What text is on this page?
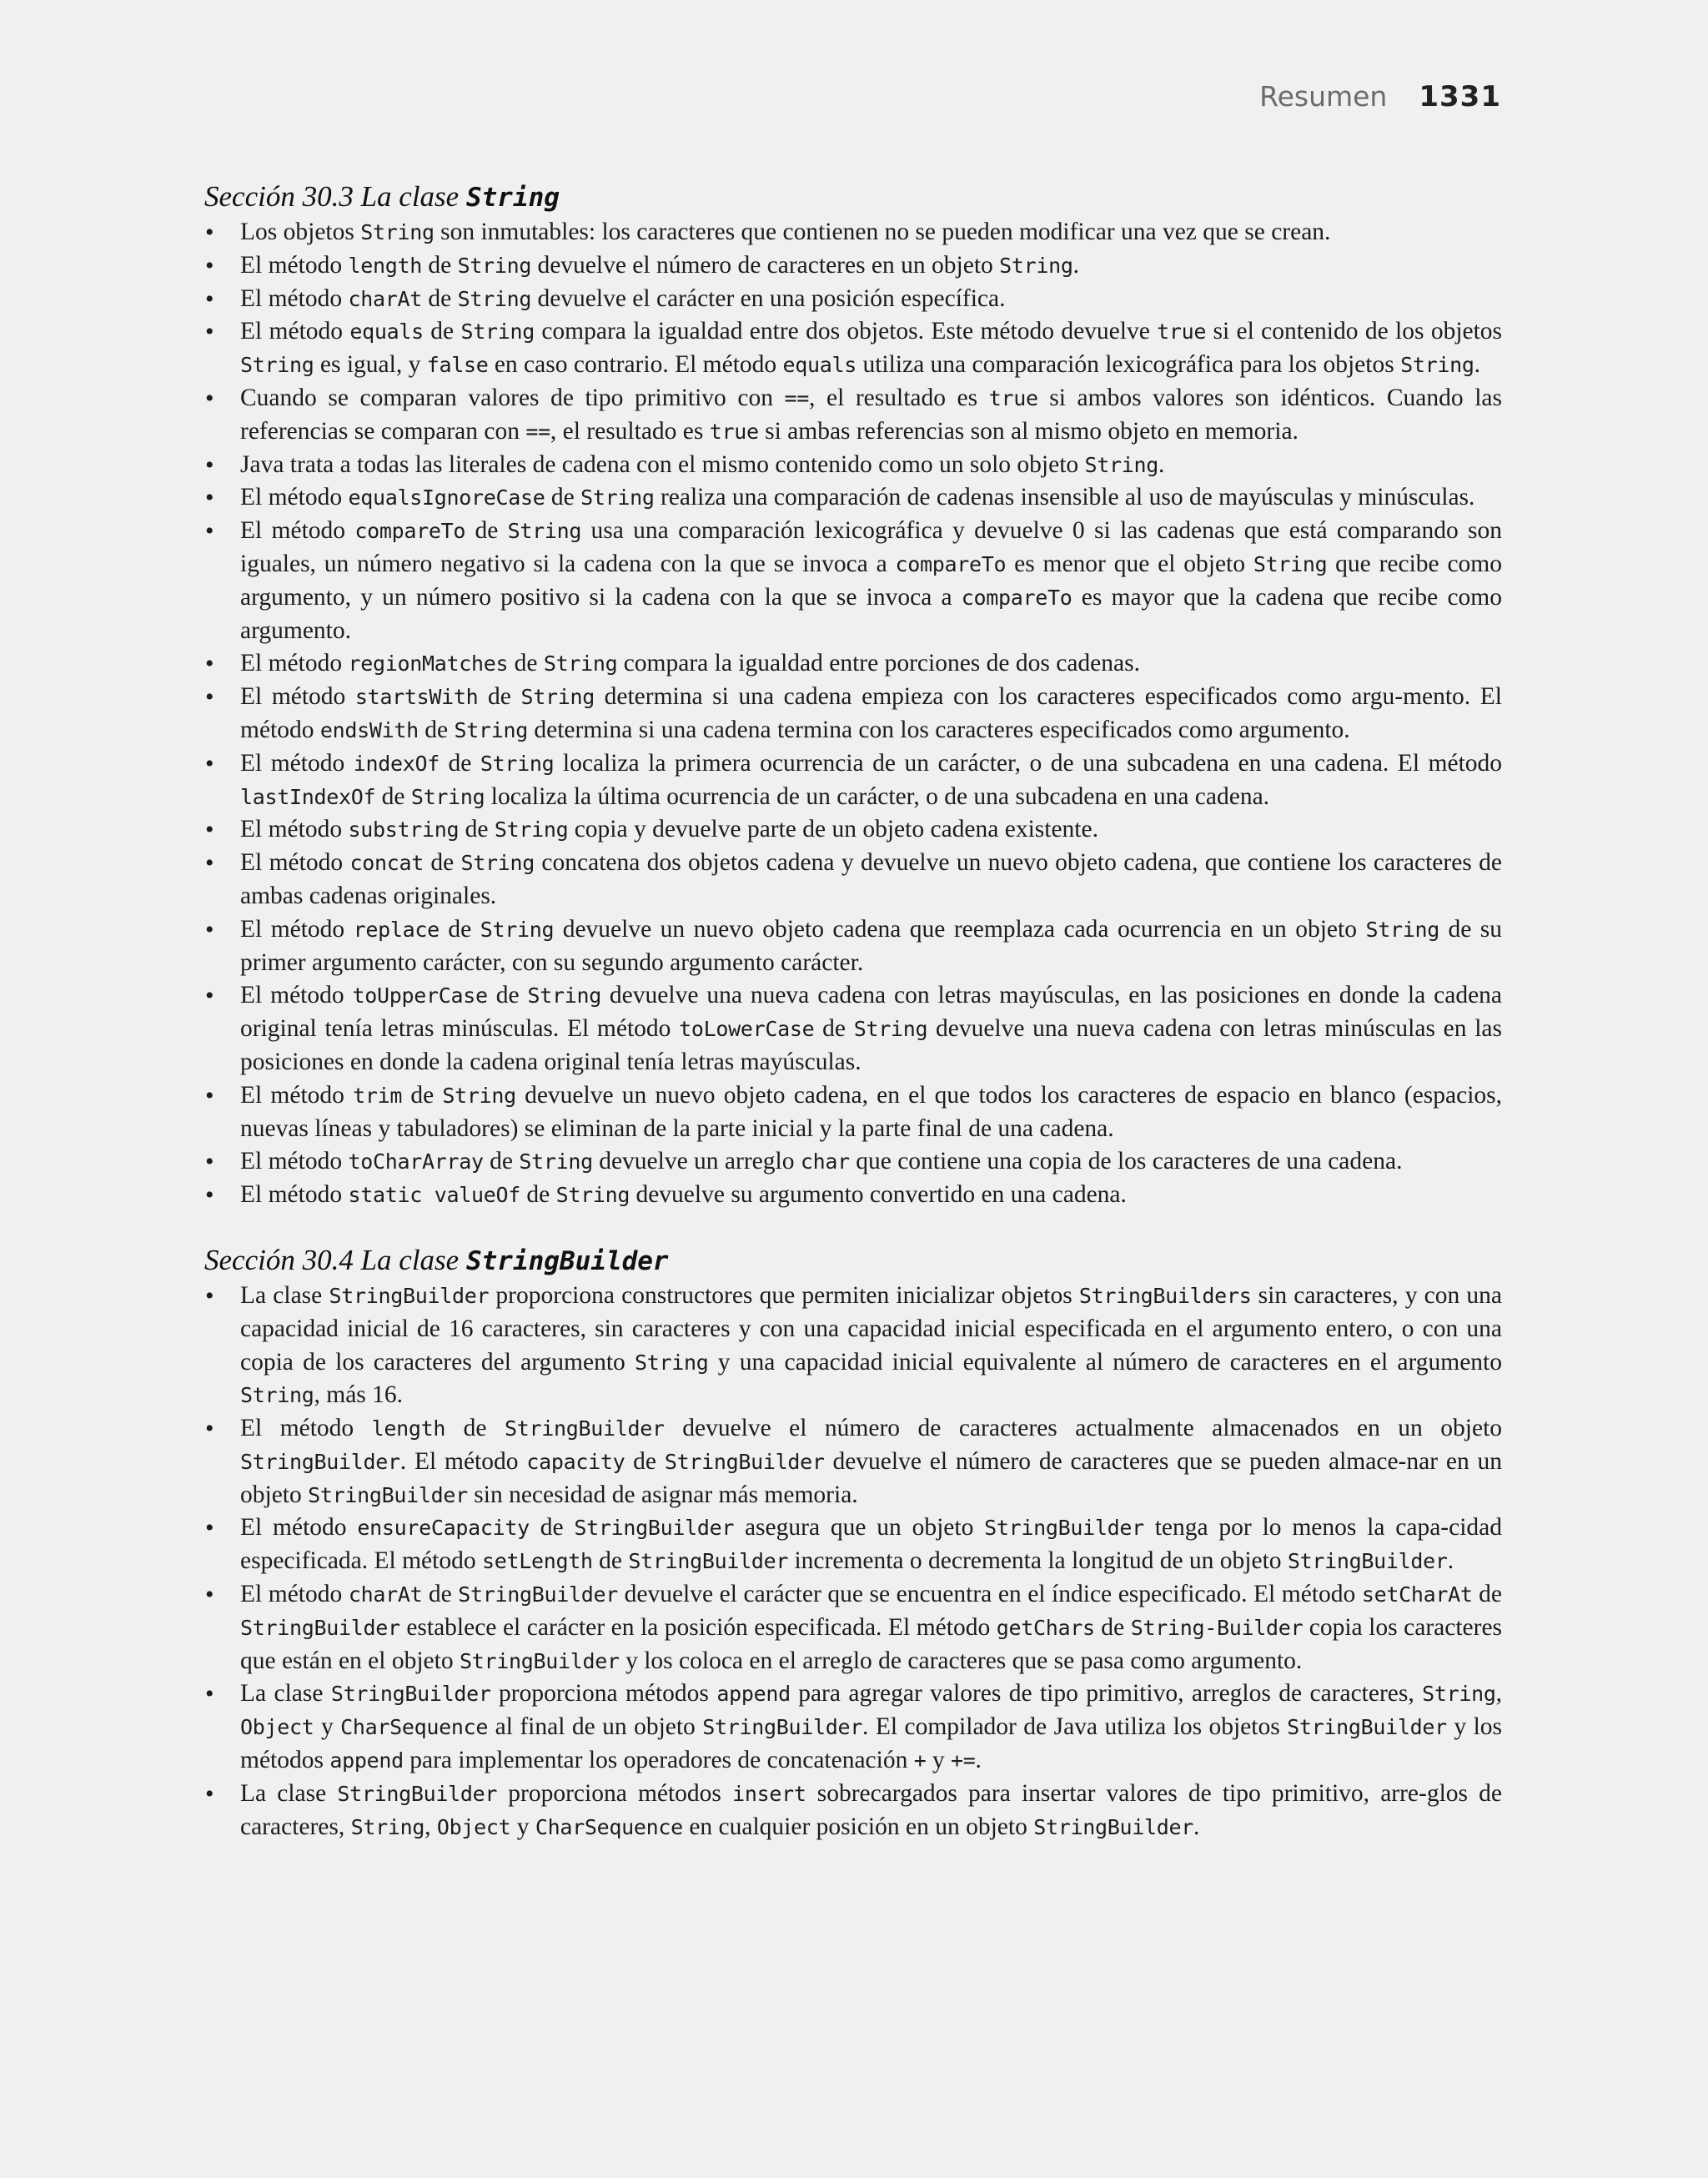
Resumen 1331
Sección 30.3 La clase String
• Los objetos String son inmutables: los caracteres que contienen no se pueden modificar una vez que se crean.
• El método length de String devuelve el número de caracteres en un objeto String.
• El método charAt de String devuelve el carácter en una posición específica.
• El método equals de String compara la igualdad entre dos objetos. Este método devuelve true si el contenido de los objetos String es igual, y false en caso contrario. El método equals utiliza una comparación lexicográfica para los objetos String.
• Cuando se comparan valores de tipo primitivo con ==, el resultado es true si ambos valores son idénticos. Cuando las referencias se comparan con ==, el resultado es true si ambas referencias son al mismo objeto en memoria.
• Java trata a todas las literales de cadena con el mismo contenido como un solo objeto String.
• El método equalsIgnoreCase de String realiza una comparación de cadenas insensible al uso de mayúsculas y minúsculas.
• El método compareTo de String usa una comparación lexicográfica y devuelve 0 si las cadenas que está comparando son iguales, un número negativo si la cadena con la que se invoca a compareTo es menor que el objeto String que recibe como argumento, y un número positivo si la cadena con la que se invoca a compareTo es mayor que la cadena que recibe como argumento.
• El método regionMatches de String compara la igualdad entre porciones de dos cadenas.
• El método startsWith de String determina si una cadena empieza con los caracteres especificados como argu-mento. El método endsWith de String determina si una cadena termina con los caracteres especificados como argumento.
• El método indexOf de String localiza la primera ocurrencia de un carácter, o de una subcadena en una cadena. El método lastIndexOf de String localiza la última ocurrencia de un carácter, o de una subcadena en una cadena.
• El método substring de String copia y devuelve parte de un objeto cadena existente.
• El método concat de String concatena dos objetos cadena y devuelve un nuevo objeto cadena, que contiene los caracteres de ambas cadenas originales.
• El método replace de String devuelve un nuevo objeto cadena que reemplaza cada ocurrencia en un objeto String de su primer argumento carácter, con su segundo argumento carácter.
• El método toUpperCase de String devuelve una nueva cadena con letras mayúsculas, en las posiciones en donde la cadena original tenía letras minúsculas. El método toLowerCase de String devuelve una nueva cadena con letras minúsculas en las posiciones en donde la cadena original tenía letras mayúsculas.
• El método trim de String devuelve un nuevo objeto cadena, en el que todos los caracteres de espacio en blanco (espacios, nuevas líneas y tabuladores) se eliminan de la parte inicial y la parte final de una cadena.
• El método toCharArray de String devuelve un arreglo char que contiene una copia de los caracteres de una cadena.
• El método static valueOf de String devuelve su argumento convertido en una cadena.
Sección 30.4 La clase StringBuilder
• La clase StringBuilder proporciona constructores que permiten inicializar objetos StringBuilders sin caracteres, y con una capacidad inicial de 16 caracteres, sin caracteres y con una capacidad inicial especificada en el argumento entero, o con una copia de los caracteres del argumento String y una capacidad inicial equivalente al número de caracteres en el argumento String, más 16.
• El método length de StringBuilder devuelve el número de caracteres actualmente almacenados en un objeto StringBuilder. El método capacity de StringBuilder devuelve el número de caracteres que se pueden almace-nar en un objeto StringBuilder sin necesidad de asignar más memoria.
• El método ensureCapacity de StringBuilder asegura que un objeto StringBuilder tenga por lo menos la capa-cidad especificada. El método setLength de StringBuilder incrementa o decrementa la longitud de un objeto StringBuilder.
• El método charAt de StringBuilder devuelve el carácter que se encuentra en el índice especificado. El método setCharAt de StringBuilder establece el carácter en la posición especificada. El método getChars de String-Builder copia los caracteres que están en el objeto StringBuilder y los coloca en el arreglo de caracteres que se pasa como argumento.
• La clase StringBuilder proporciona métodos append para agregar valores de tipo primitivo, arreglos de caracteres, String, Object y CharSequence al final de un objeto StringBuilder. El compilador de Java utiliza los objetos StringBuilder y los métodos append para implementar los operadores de concatenación + y +=.
• La clase StringBuilder proporciona métodos insert sobrecargados para insertar valores de tipo primitivo, arre-glos de caracteres, String, Object y CharSequence en cualquier posición en un objeto StringBuilder.
